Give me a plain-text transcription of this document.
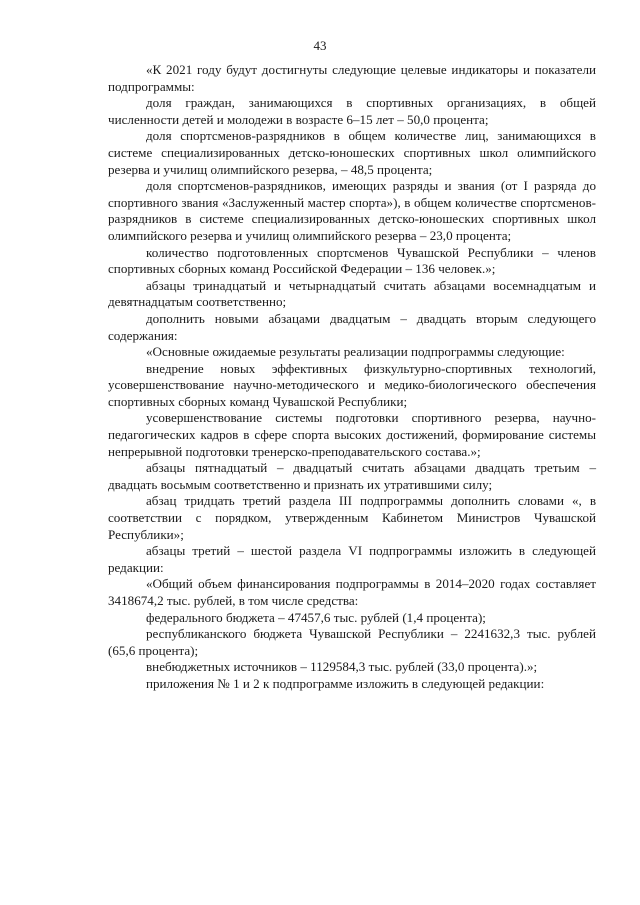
43

«К 2021 году будут достигнуты следующие целевые индикаторы и показатели подпрограммы:

доля граждан, занимающихся в спортивных организациях, в общей численности детей и молодежи в возрасте 6–15 лет – 50,0 процента;

доля спортсменов-разрядников в общем количестве лиц, занимающихся в системе специализированных детско-юношеских спортивных школ олимпийского резерва и училищ олимпийского резерва, – 48,5 процента;

доля спортсменов-разрядников, имеющих разряды и звания (от I разряда до спортивного звания «Заслуженный мастер спорта»), в общем количестве спортсменов-разрядников в системе специализированных детско-юношеских спортивных школ олимпийского резерва и училищ олимпийского резерва – 23,0 процента;

количество подготовленных спортсменов Чувашской Республики – членов спортивных сборных команд Российской Федерации – 136 человек.»;

абзацы тринадцатый и четырнадцатый считать абзацами восемнадцатым и девятнадцатым соответственно;

дополнить новыми абзацами двадцатым – двадцать вторым следующего содержания:

«Основные ожидаемые результаты реализации подпрограммы следующие:

внедрение новых эффективных физкультурно-спортивных технологий, усовершенствование научно-методического и медико-биологического обеспечения спортивных сборных команд Чувашской Республики;

усовершенствование системы подготовки спортивного резерва, научно-педагогических кадров в сфере спорта высоких достижений, формирование системы непрерывной подготовки тренерско-преподавательского состава.»;

абзацы пятнадцатый – двадцатый считать абзацами двадцать третьим – двадцать восьмым соответственно и признать их утратившими силу;

абзац тридцать третий раздела III подпрограммы дополнить словами «, в соответствии с порядком, утвержденным Кабинетом Министров Чувашской Республики»;

абзацы третий – шестой раздела VI подпрограммы изложить в следующей редакции:

«Общий объем финансирования подпрограммы в 2014–2020 годах составляет 3418674,2 тыс. рублей, в том числе средства:

федерального бюджета – 47457,6 тыс. рублей (1,4 процента);

республиканского бюджета Чувашской Республики – 2241632,3 тыс. рублей (65,6 процента);

внебюджетных источников – 1129584,3 тыс. рублей (33,0 процента).»;

приложения № 1 и 2 к подпрограмме изложить в следующей редакции:
